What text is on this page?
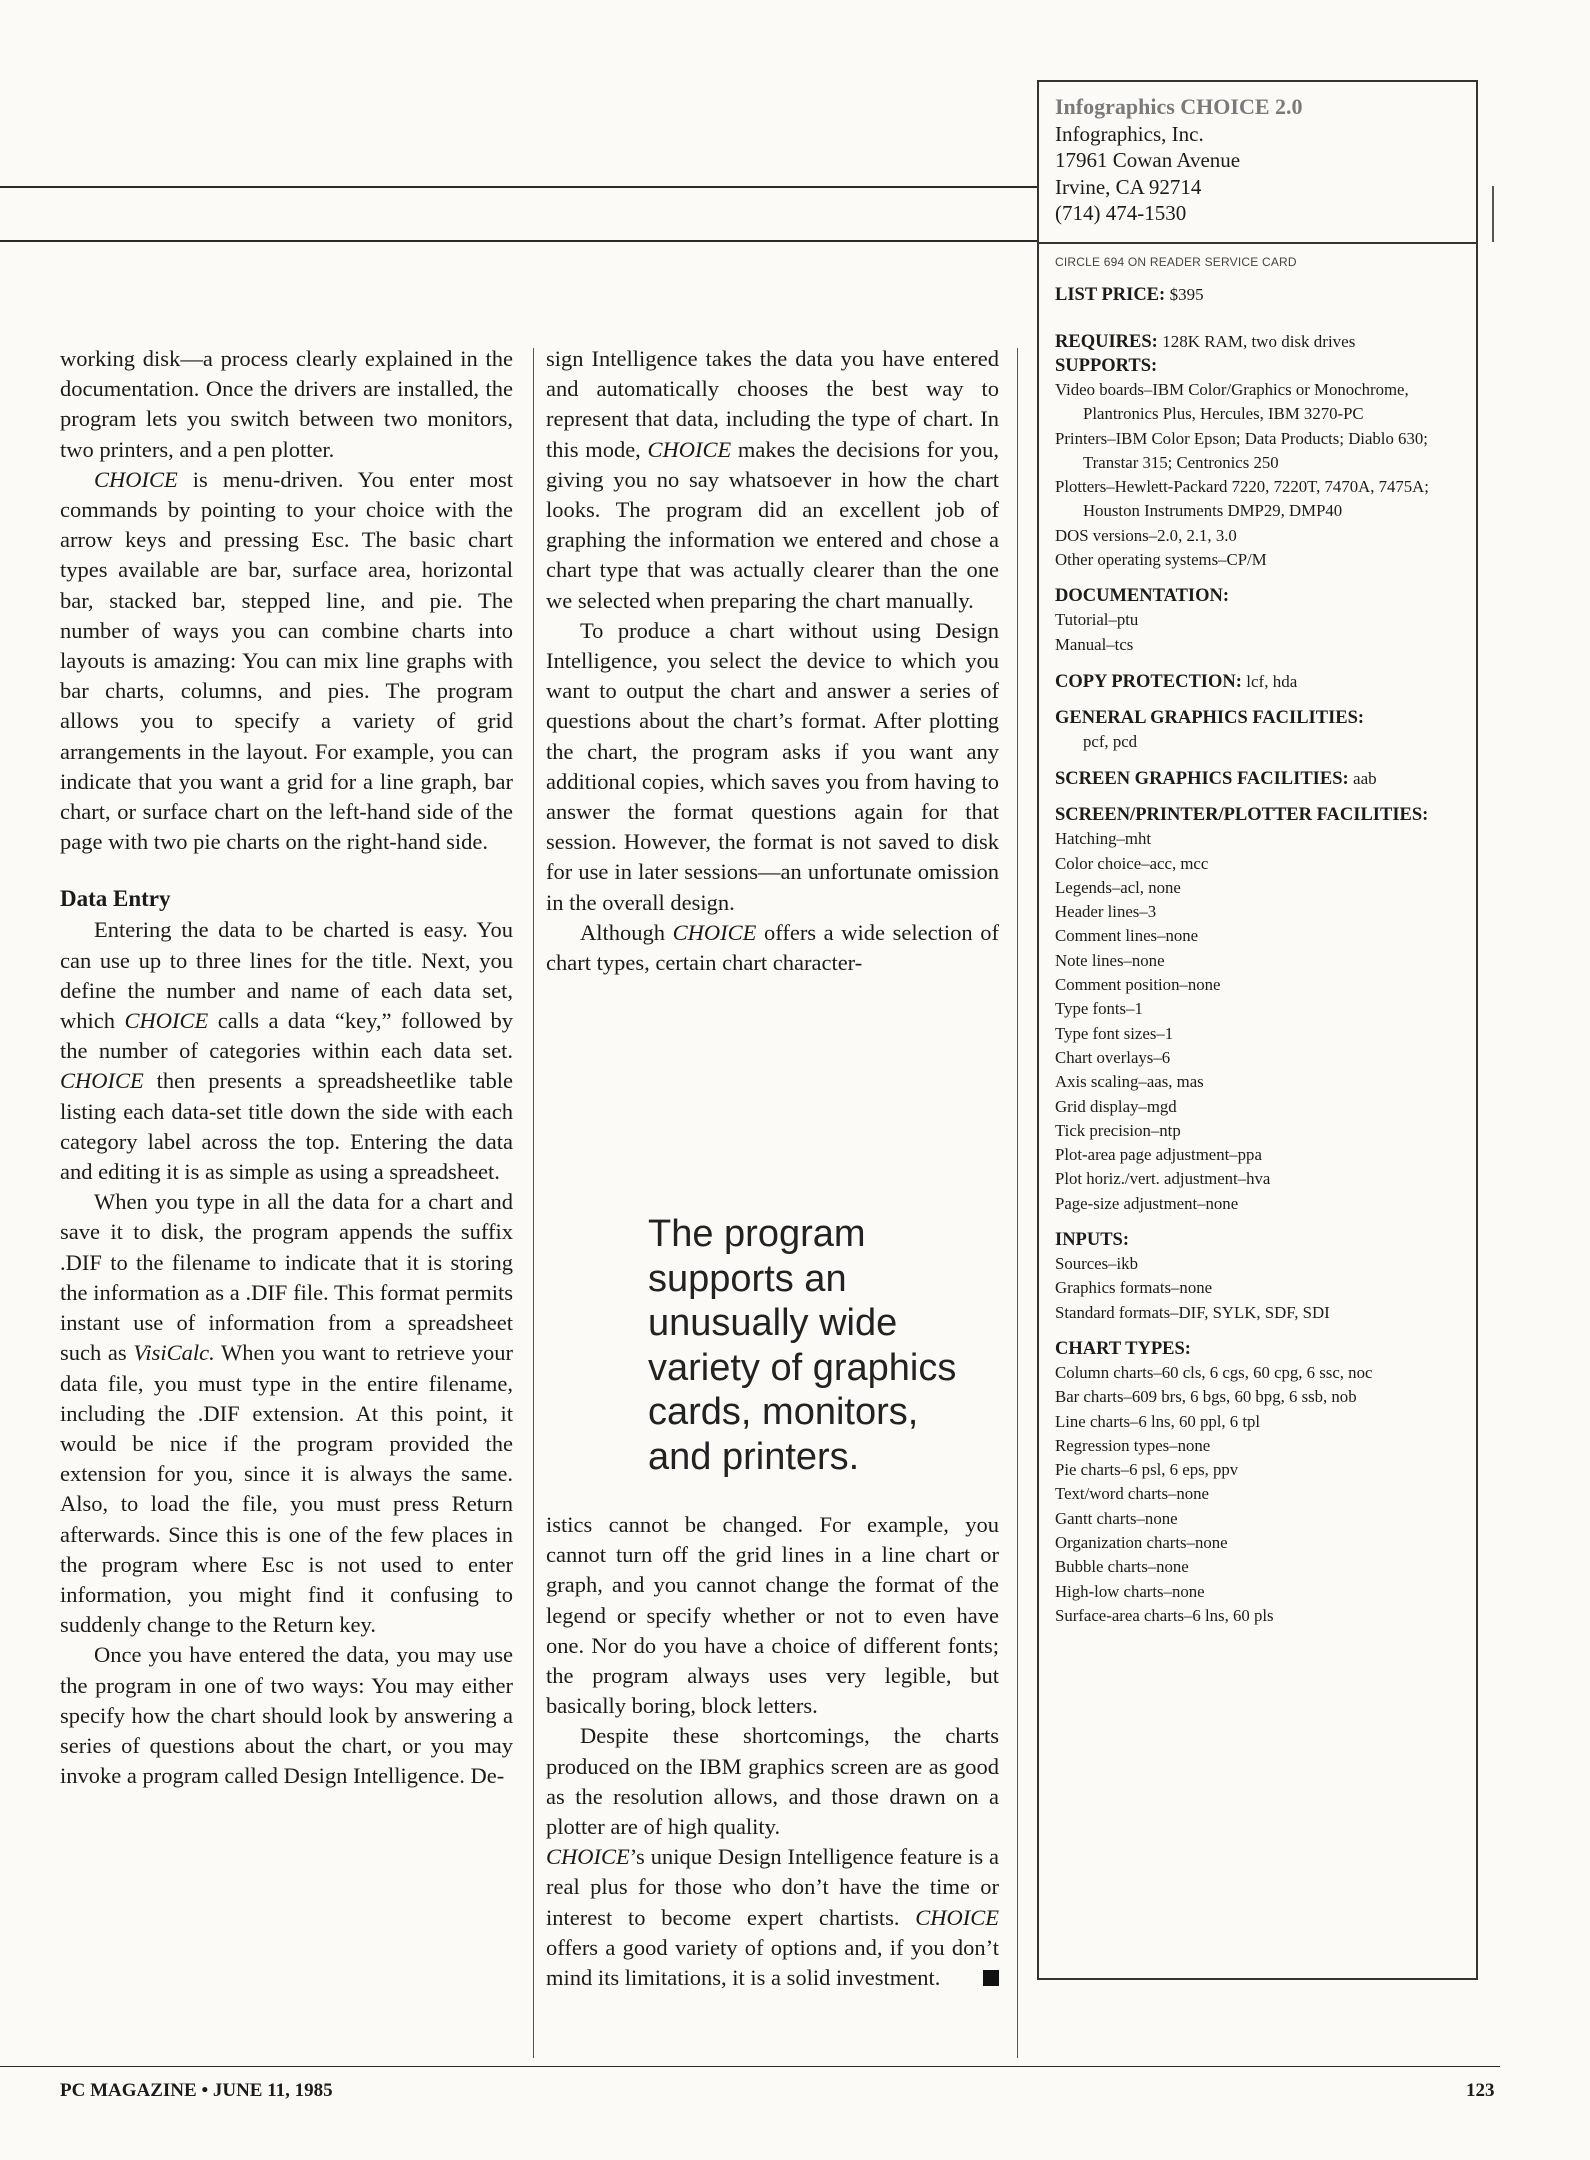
working disk—a process clearly explained in the documentation. Once the drivers are installed, the program lets you switch between two monitors, two printers, and a pen plotter.

CHOICE is menu-driven. You enter most commands by pointing to your choice with the arrow keys and pressing Esc. The basic chart types available are bar, surface area, horizontal bar, stacked bar, stepped line, and pie. The number of ways you can combine charts into layouts is amazing: You can mix line graphs with bar charts, columns, and pies. The program allows you to specify a variety of grid arrangements in the layout. For example, you can indicate that you want a grid for a line graph, bar chart, or surface chart on the left-hand side of the page with two pie charts on the right-hand side.

Data Entry

Entering the data to be charted is easy. You can use up to three lines for the title. Next, you define the number and name of each data set, which CHOICE calls a data “key,” followed by the number of categories within each data set. CHOICE then presents a spreadsheetlike table listing each data-set title down the side with each category label across the top. Entering the data and editing it is as simple as using a spreadsheet.

When you type in all the data for a chart and save it to disk, the program appends the suffix .DIF to the filename to indicate that it is storing the information as a .DIF file. This format permits instant use of information from a spreadsheet such as VisiCalc. When you want to retrieve your data file, you must type in the entire filename, including the .DIF extension. At this point, it would be nice if the program provided the extension for you, since it is always the same. Also, to load the file, you must press Return afterwards. Since this is one of the few places in the program where Esc is not used to enter information, you might find it confusing to suddenly change to the Return key.

Once you have entered the data, you may use the program in one of two ways: You may either specify how the chart should look by answering a series of questions about the chart, or you may invoke a program called Design Intelligence. De-

sign Intelligence takes the data you have entered and automatically chooses the best way to represent that data, including the type of chart. In this mode, CHOICE makes the decisions for you, giving you no say whatsoever in how the chart looks. The program did an excellent job of graphing the information we entered and chose a chart type that was actually clearer than the one we selected when preparing the chart manually.

To produce a chart without using Design Intelligence, you select the device to which you want to output the chart and answer a series of questions about the chart’s format. After plotting the chart, the program asks if you want any additional copies, which saves you from having to answer the format questions again for that session. However, the format is not saved to disk for use in later sessions—an unfortunate omission in the overall design.

Although CHOICE offers a wide selection of chart types, certain chart character-

The program supports an unusually wide variety of graphics cards, monitors, and printers.

istics cannot be changed. For example, you cannot turn off the grid lines in a line chart or graph, and you cannot change the format of the legend or specify whether or not to even have one. Nor do you have a choice of different fonts; the program always uses very legible, but basically boring, block letters.

Despite these shortcomings, the charts produced on the IBM graphics screen are as good as the resolution allows, and those drawn on a plotter are of high quality.
CHOICE’s unique Design Intelligence feature is a real plus for those who don’t have the time or interest to become expert chartists. CHOICE offers a good variety of options and, if you don’t mind its limitations, it is a solid investment.

Infographics CHOICE 2.0
Infographics, Inc.
17961 Cowan Avenue
Irvine, CA 92714
(714) 474-1530
CIRCLE 694 ON READER SERVICE CARD
LIST PRICE: $395
REQUIRES: 128K RAM, two disk drives
SUPPORTS:
Video boards–IBM Color/Graphics or Monochrome, Plantronics Plus, Hercules, IBM 3270-PC
Printers–IBM Color Epson; Data Products; Diablo 630; Transtar 315; Centronics 250
Plotters–Hewlett-Packard 7220, 7220T, 7470A, 7475A; Houston Instruments DMP29, DMP40
DOS versions–2.0, 2.1, 3.0
Other operating systems–CP/M
DOCUMENTATION:
Tutorial–ptu
Manual–tcs
COPY PROTECTION: lcf, hda
GENERAL GRAPHICS FACILITIES:
pcf, pcd
SCREEN GRAPHICS FACILITIES: aab
SCREEN/PRINTER/PLOTTER FACILITIES:
Hatching–mht
Color choice–acc, mcc
Legends–acl, none
Header lines–3
Comment lines–none
Note lines–none
Comment position–none
Type fonts–1
Type font sizes–1
Chart overlays–6
Axis scaling–aas, mas
Grid display–mgd
Tick precision–ntp
Plot-area page adjustment–ppa
Plot horiz./vert. adjustment–hva
Page-size adjustment–none
INPUTS:
Sources–ikb
Graphics formats–none
Standard formats–DIF, SYLK, SDF, SDI
CHART TYPES:
Column charts–60 cls, 6 cgs, 60 cpg, 6 ssc, noc
Bar charts–609 brs, 6 bgs, 60 bpg, 6 ssb, nob
Line charts–6 lns, 60 ppl, 6 tpl
Regression types–none
Pie charts–6 psl, 6 eps, ppv
Text/word charts–none
Gantt charts–none
Organization charts–none
Bubble charts–none
High-low charts–none
Surface-area charts–6 lns, 60 pls
PC MAGAZINE • JUNE 11, 1985	123
